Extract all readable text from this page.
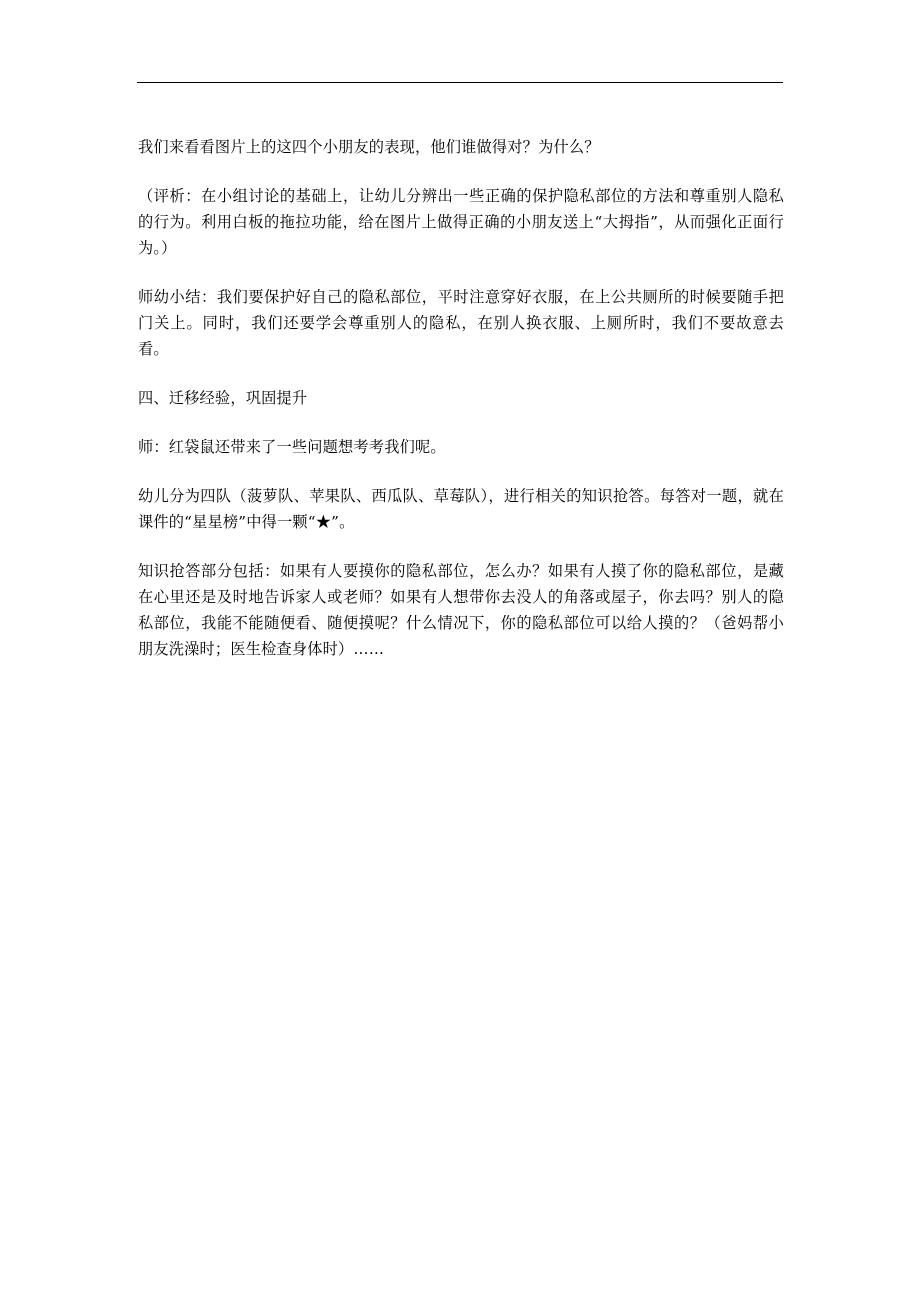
我们来看看图片上的这四个小朋友的表现，他们谁做得对？为什么？

（评析：在小组讨论的基础上，让幼儿分辨出一些正确的保护隐私部位的方法和尊重别人隐私的行为。利用白板的拖拉功能，给在图片上做得正确的小朋友送上“大拇指”，从而强化正面行为。）

师幼小结：我们要保护好自己的隐私部位，平时注意穿好衣服，在上公共厕所的时候要随手把门关上。同时，我们还要学会尊重别人的隐私，在别人换衣服、上厕所时，我们不要故意去看。

四、迁移经验，巩固提升

师：红袋鼠还带来了一些问题想考考我们呢。

幼儿分为四队（菠萝队、苹果队、西瓜队、草莓队），进行相关的知识抢答。每答对一题，就在课件的“星星榜”中得一颗“★”。

知识抢答部分包括：如果有人要摸你的隐私部位，怎么办？如果有人摸了你的隐私部位，是藏在心里还是及时地告诉家人或老师？如果有人想带你去没人的角落或屋子，你去吗？别人的隐私部位，我能不能随便看、随便摸呢？什么情况下，你的隐私部位可以给人摸的？（爸妈帮小朋友洗澡时；医生检查身体时）……
